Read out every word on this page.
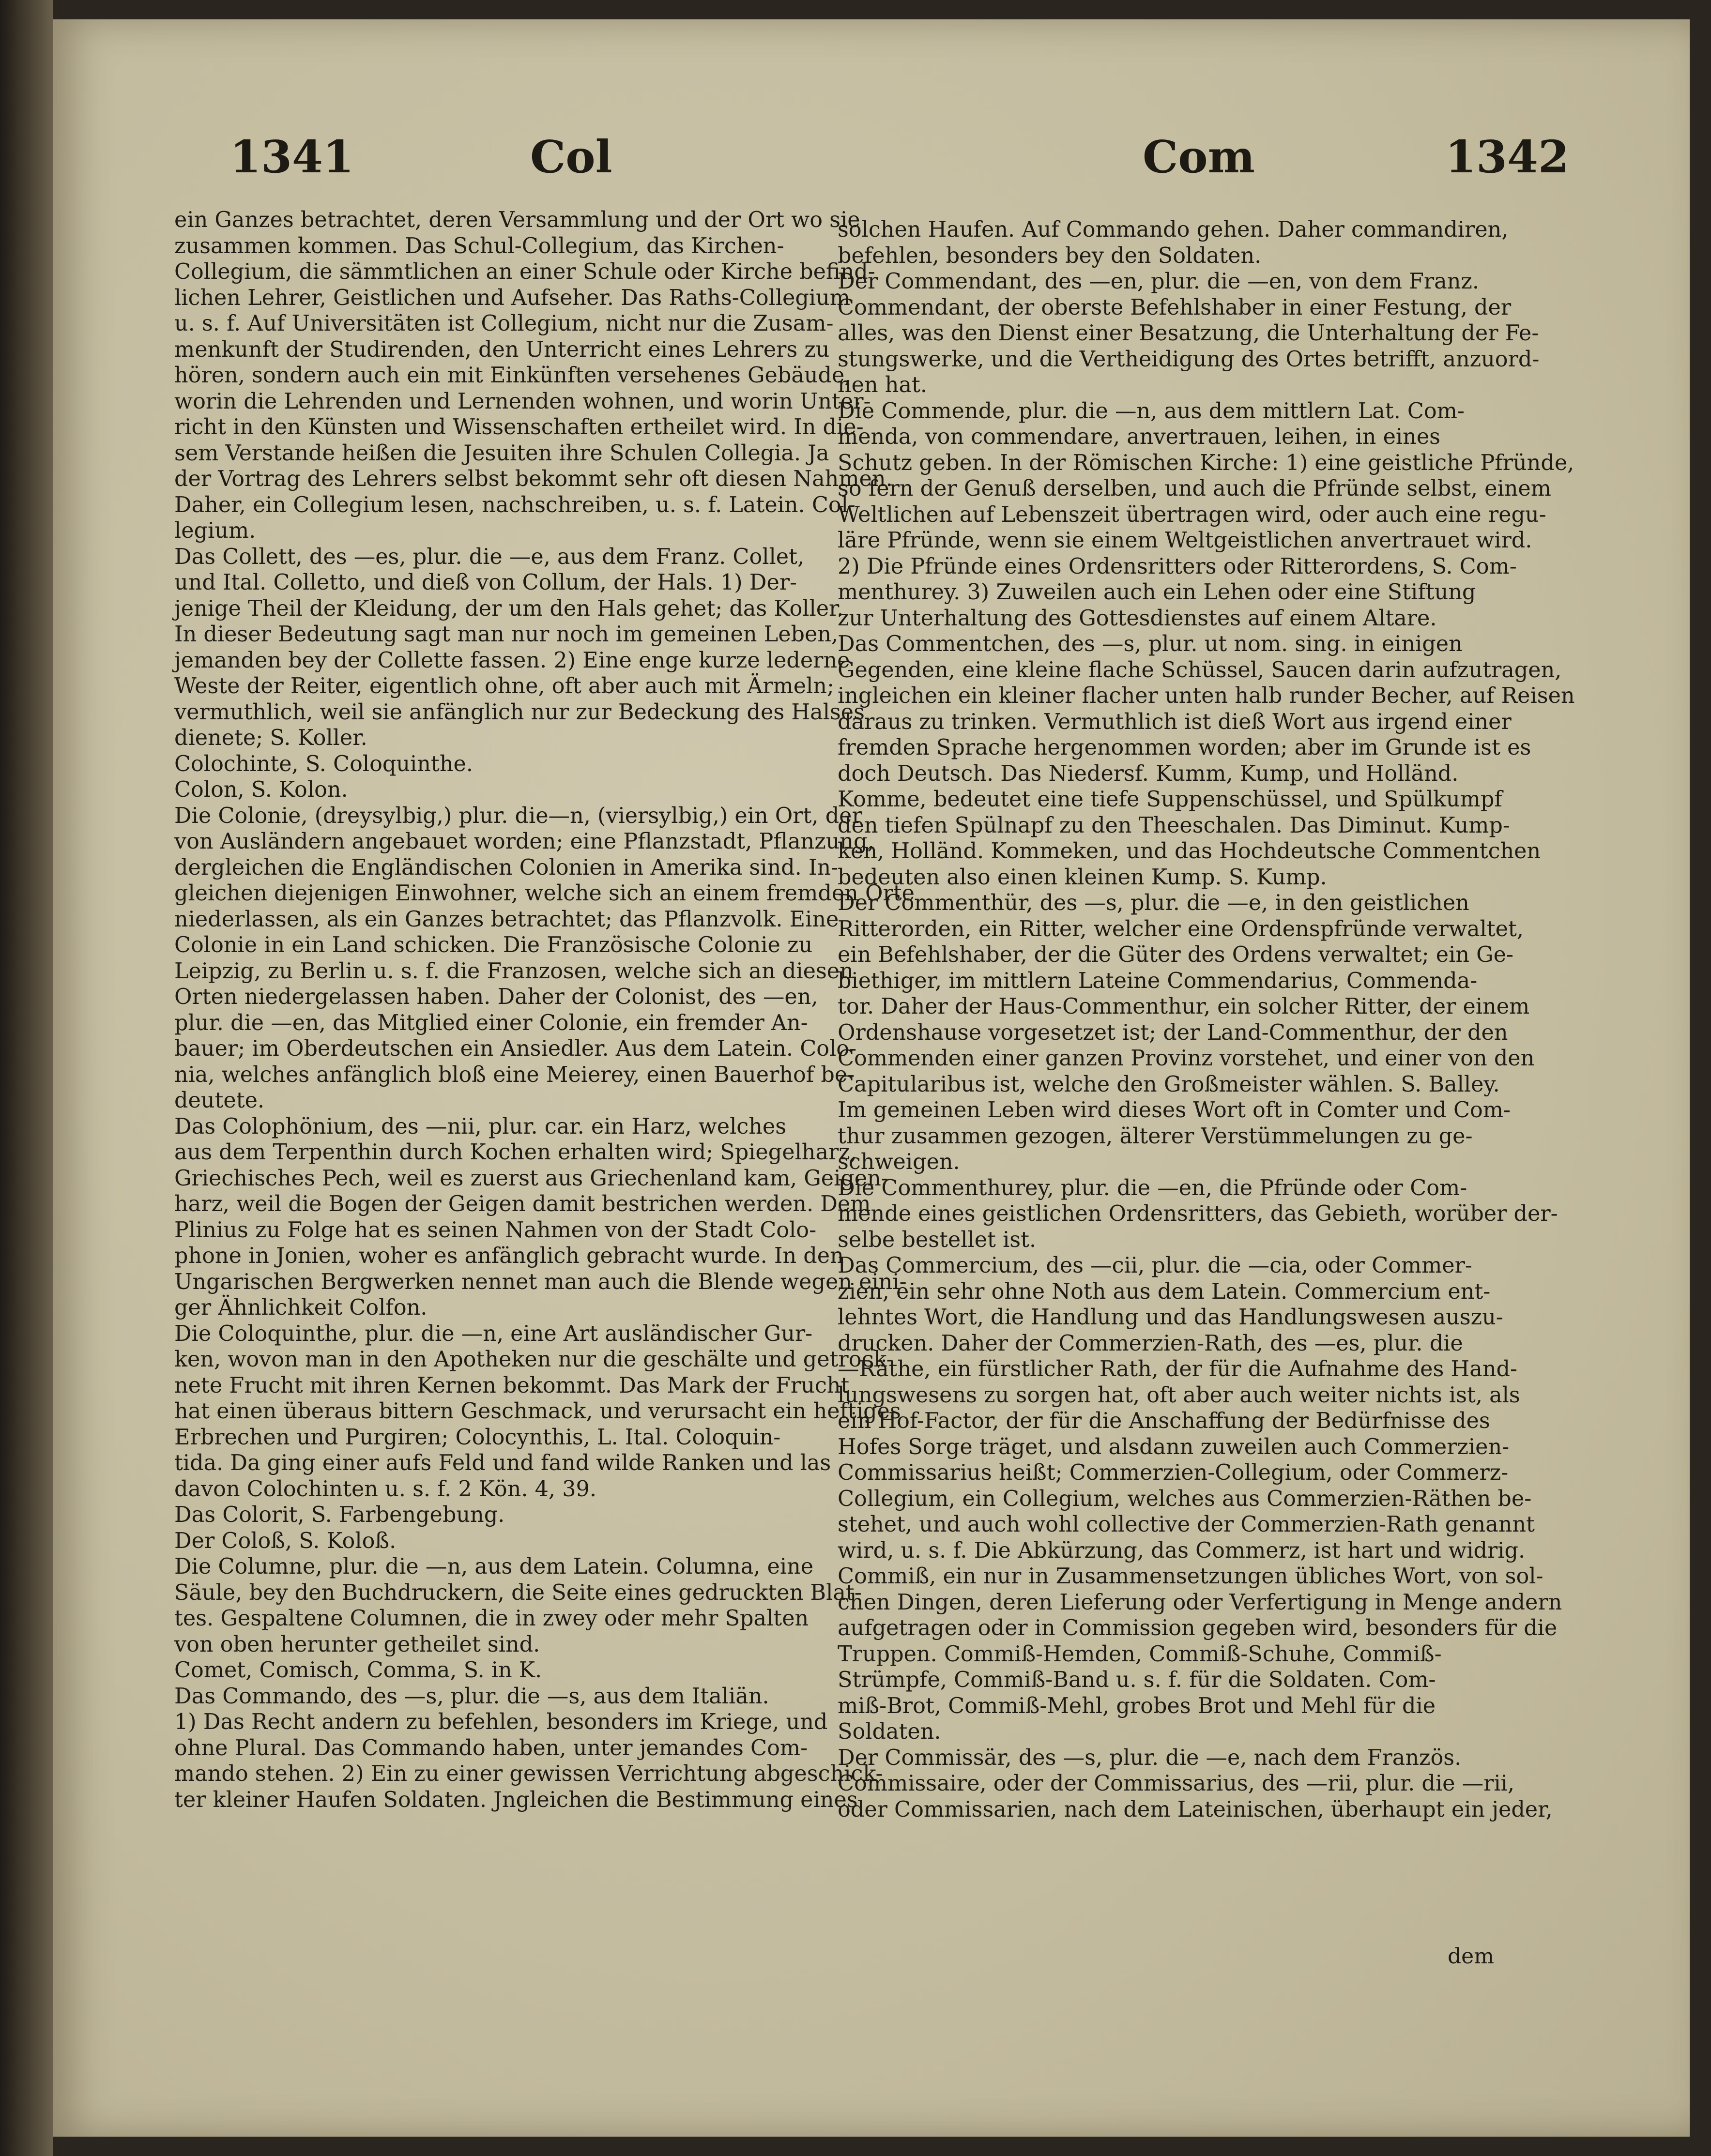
1341	Col	Com	1342
ein Ganzes betrachtet, deren Versammlung und der Ort wo sie
zusammen kommen. Das Schul-Collegium, das Kirchen-
Collegium, die sämmtlichen an einer Schule oder Kirche befind-
lichen Lehrer, Geistlichen und Aufseher. Das Raths-Collegium
u. s. f. Auf Universitäten ist Collegium, nicht nur die Zusam-
menkunft der Studirenden, den Unterricht eines Lehrers zu
hören, sondern auch ein mit Einkünften versehenes Gebäude,
worin die Lehrenden und Lernenden wohnen, und worin Unter-
richt in den Künsten und Wissenschaften ertheilet wird. In die-
sem Verstande heißen die Jesuiten ihre Schulen Collegia. Ja
der Vortrag des Lehrers selbst bekommt sehr oft diesen Nahmen.
Daher, ein Collegium lesen, nachschreiben, u. s. f. Latein. Col-
legium.
Das Collett, des —es, plur. die —e, aus dem Franz. Collet,
und Ital. Colletto, und dieß von Collum, der Hals. 1) Der-
jenige Theil der Kleidung, der um den Hals gehet; das Koller.
In dieser Bedeutung sagt man nur noch im gemeinen Leben,
jemanden bey der Collette fassen. 2) Eine enge kurze lederne
Weste der Reiter, eigentlich ohne, oft aber auch mit Ärmeln;
vermuthlich, weil sie anfänglich nur zur Bedeckung des Halses
dienete; S. Koller.
Colochinte, S. Coloquinthe.
Colon, S. Kolon.
Die Colonie, (dreysylbig,) plur. die—n, (viersylbig,) ein Ort, der
von Ausländern angebauet worden; eine Pflanzstadt, Pflanzung,
dergleichen die Engländischen Colonien in Amerika sind. In-
gleichen diejenigen Einwohner, welche sich an einem fremden Orte
niederlassen, als ein Ganzes betrachtet; das Pflanzvolk. Eine
Colonie in ein Land schicken. Die Französische Colonie zu
Leipzig, zu Berlin u. s. f. die Franzosen, welche sich an diesen
Orten niedergelassen haben. Daher der Colonist, des —en,
plur. die —en, das Mitglied einer Colonie, ein fremder An-
bauer; im Oberdeutschen ein Ansiedler. Aus dem Latein. Colo-
nia, welches anfänglich bloß eine Meierey, einen Bauerhof be-
deutete.
Das Colophönium, des —nii, plur. car. ein Harz, welches
aus dem Terpenthin durch Kochen erhalten wird; Spiegelharz,
Griechisches Pech, weil es zuerst aus Griechenland kam, Geigen-
harz, weil die Bogen der Geigen damit bestrichen werden. Dem
Plinius zu Folge hat es seinen Nahmen von der Stadt Colo-
phone in Jonien, woher es anfänglich gebracht wurde. In den
Ungarischen Bergwerken nennet man auch die Blende wegen eini-
ger Ähnlichkeit Colfon.
Die Coloquinthe, plur. die —n, eine Art ausländischer Gur-
ken, wovon man in den Apotheken nur die geschälte und getrock-
nete Frucht mit ihren Kernen bekommt. Das Mark der Frucht
hat einen überaus bittern Geschmack, und verursacht ein heftiges
Erbrechen und Purgiren; Colocynthis, L. Ital. Coloquin-
tida. Da ging einer aufs Feld und fand wilde Ranken und las
davon Colochinten u. s. f. 2 Kön. 4, 39.
Das Colorit, S. Farbengebung.
Der Coloß, S. Koloß.
Die Columne, plur. die —n, aus dem Latein. Columna, eine
Säule, bey den Buchdruckern, die Seite eines gedruckten Blat-
tes. Gespaltene Columnen, die in zwey oder mehr Spalten
von oben herunter getheilet sind.
Comet, Comisch, Comma, S. in K.
Das Commando, des —s, plur. die —s, aus dem Italiän.
1) Das Recht andern zu befehlen, besonders im Kriege, und
ohne Plural. Das Commando haben, unter jemandes Com-
mando stehen. 2) Ein zu einer gewissen Verrichtung abgeschick-
ter kleiner Haufen Soldaten. Jngleichen die Bestimmung eines
solchen Haufen. Auf Commando gehen. Daher commandiren,
befehlen, besonders bey den Soldaten.
Der Commendant, des —en, plur. die —en, von dem Franz.
Commendant, der oberste Befehlshaber in einer Festung, der
alles, was den Dienst einer Besatzung, die Unterhaltung der Fe-
stungswerke, und die Vertheidigung des Ortes betrifft, anzuord-
nen hat.
Die Commende, plur. die —n, aus dem mittlern Lat. Com-
menda, von commendare, anvertrauen, leihen, in eines
Schutz geben. In der Römischen Kirche: 1) eine geistliche Pfründe,
so fern der Genuß derselben, und auch die Pfründe selbst, einem
Weltlichen auf Lebenszeit übertragen wird, oder auch eine regu-
läre Pfründe, wenn sie einem Weltgeistlichen anvertrauet wird.
2) Die Pfründe eines Ordensritters oder Ritterordens, S. Com-
menthurey. 3) Zuweilen auch ein Lehen oder eine Stiftung
zur Unterhaltung des Gottesdienstes auf einem Altare.
Das Commentchen, des —s, plur. ut nom. sing. in einigen
Gegenden, eine kleine flache Schüssel, Saucen darin aufzutragen,
ingleichen ein kleiner flacher unten halb runder Becher, auf Reisen
daraus zu trinken. Vermuthlich ist dieß Wort aus irgend einer
fremden Sprache hergenommen worden; aber im Grunde ist es
doch Deutsch. Das Niedersf. Kumm, Kump, und Holländ.
Komme, bedeutet eine tiefe Suppenschüssel, und Spülkumpf
den tiefen Spülnapf zu den Theeschalen. Das Diminut. Kump-
ken, Holländ. Kommeken, und das Hochdeutsche Commentchen
bedeuten also einen kleinen Kump. S. Kump.
Der Commenthür, des —s, plur. die —e, in den geistlichen
Ritterorden, ein Ritter, welcher eine Ordenspfründe verwaltet,
ein Befehlshaber, der die Güter des Ordens verwaltet; ein Ge-
biethiger, im mittlern Lateine Commendarius, Commenda-
tor. Daher der Haus-Commenthur, ein solcher Ritter, der einem
Ordenshause vorgesetzet ist; der Land-Commenthur, der den
Commenden einer ganzen Provinz vorstehet, und einer von den
Capitularibus ist, welche den Großmeister wählen. S. Balley.
Im gemeinen Leben wird dieses Wort oft in Comter und Com-
thur zusammen gezogen, älterer Verstümmelungen zu ge-
schweigen.
Die Commenthurey, plur. die —en, die Pfründe oder Com-
mende eines geistlichen Ordensritters, das Gebieth, worüber der-
selbe bestellet ist.
Das Commercium, des —cii, plur. die —cia, oder Commer-
zien, ein sehr ohne Noth aus dem Latein. Commercium ent-
lehntes Wort, die Handlung und das Handlungswesen auszu-
drucken. Daher der Commerzien-Rath, des —es, plur. die
—Räthe, ein fürstlicher Rath, der für die Aufnahme des Hand-
lungswesens zu sorgen hat, oft aber auch weiter nichts ist, als
ein Hof-Factor, der für die Anschaffung der Bedürfnisse des
Hofes Sorge träget, und alsdann zuweilen auch Commerzien-
Commissarius heißt; Commerzien-Collegium, oder Commerz-
Collegium, ein Collegium, welches aus Commerzien-Räthen be-
stehet, und auch wohl collective der Commerzien-Rath genannt
wird, u. s. f. Die Abkürzung, das Commerz, ist hart und widrig.
Commiß, ein nur in Zusammensetzungen übliches Wort, von sol-
chen Dingen, deren Lieferung oder Verfertigung in Menge andern
aufgetragen oder in Commission gegeben wird, besonders für die
Truppen. Commiß-Hemden, Commiß-Schuhe, Commiß-
Strümpfe, Commiß-Band u. s. f. für die Soldaten. Com-
miß-Brot, Commiß-Mehl, grobes Brot und Mehl für die
Soldaten.
Der Commissär, des —s, plur. die —e, nach dem Französ.
Commissaire, oder der Commissarius, des —rii, plur. die —rii,
oder Commissarien, nach dem Lateinischen, überhaupt ein jeder,
dem
